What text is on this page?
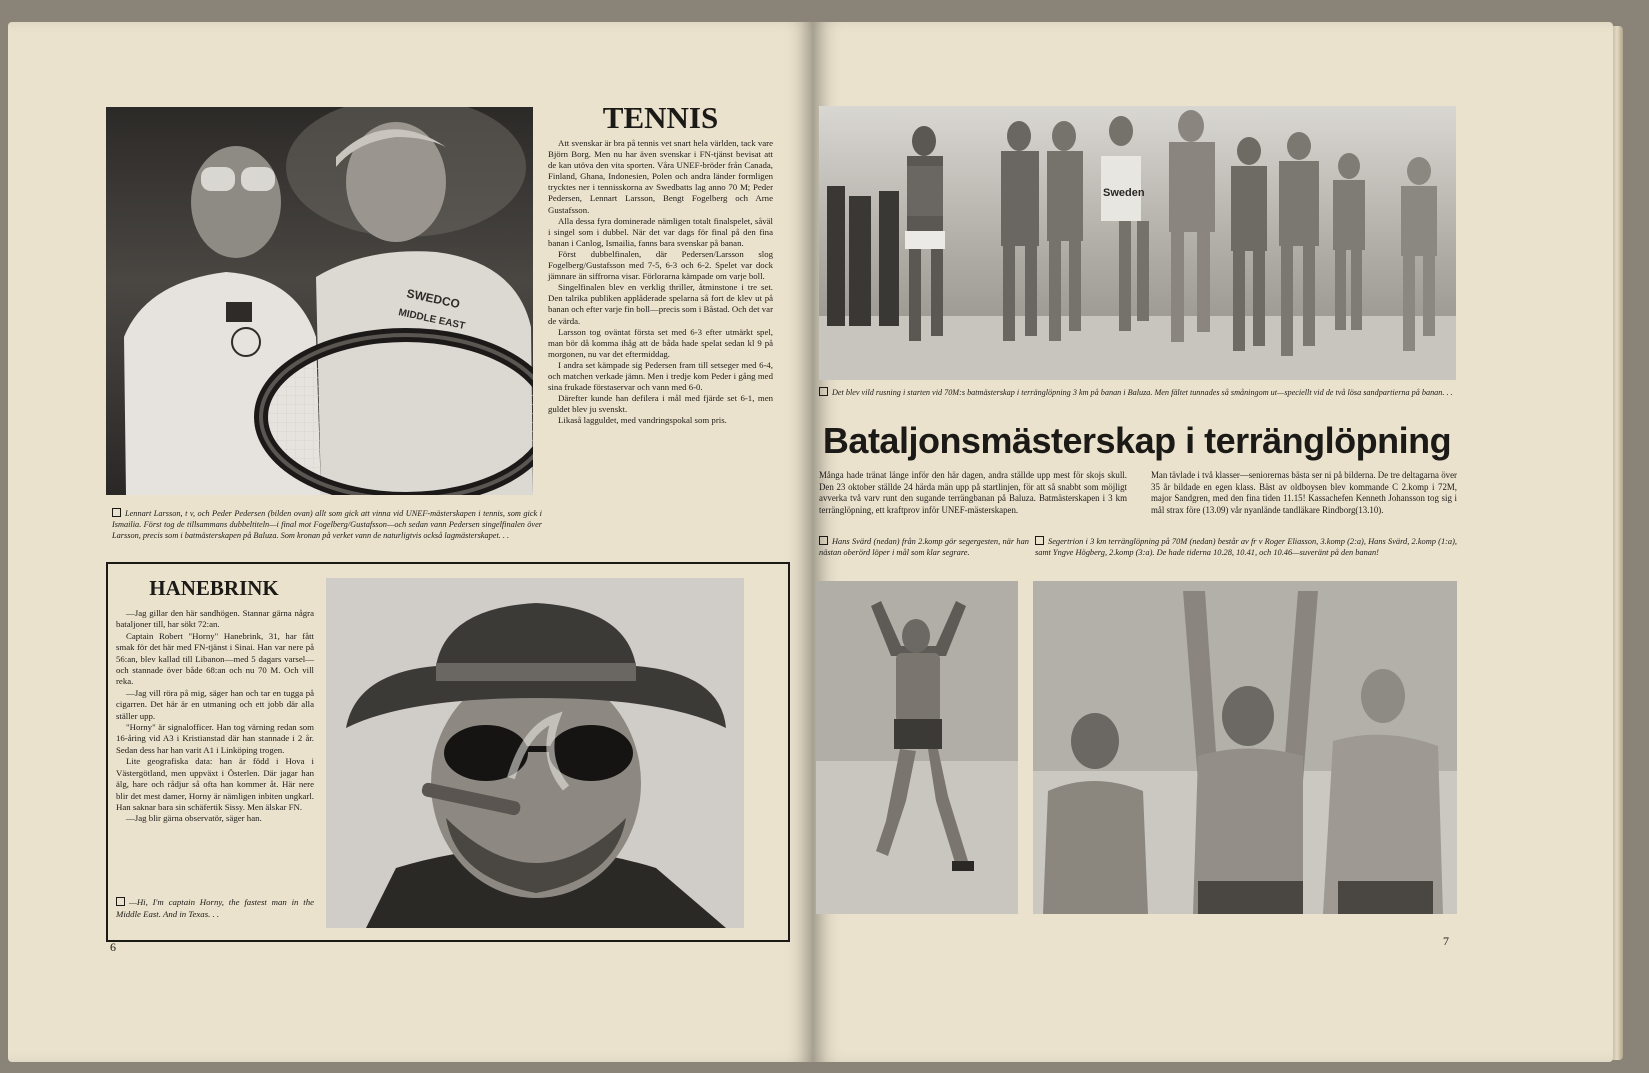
SWEDCO
MIDDLE EAST
Lennart Larsson, t v, och Peder Pedersen (bilden ovan) allt som gick att vinna vid UNEF-mästerskapen i tennis, som gick i Ismailia. Först tog de tillsammans dubbeltiteln—i final mot Fogelberg/Gustafsson—och sedan vann Pedersen singelfinalen över Larsson, precis som i batmästerskapen på Baluza. Som kronan på verket vann de naturligtvis också lagmästerskapet. . .
TENNIS

Att svenskar är bra på tennis vet snart hela världen, tack vare Björn Borg. Men nu har även svenskar i FN-tjänst bevisat att de kan utöva den vita sporten. Våra UNEF-bröder från Canada, Finland, Ghana, Indonesien, Polen och andra länder formligen trycktes ner i tennisskorna av Swedbatts lag anno 70 M; Peder Pedersen, Lennart Larsson, Bengt Fogelberg och Arne Gustafsson.

Alla dessa fyra dominerade nämligen totalt finalspelet, såväl i singel som i dubbel. När det var dags för final på den fina banan i Canlog, Ismailia, fanns bara svenskar på banan.

Först dubbelfinalen, där Pedersen/Larsson slog Fogelberg/Gustafsson med 7-5, 6-3 och 6-2. Spelet var dock jämnare än siffrorna visar. Förlorarna kämpade om varje boll.

Singelfinalen blev en verklig thriller, åtminstone i tre set. Den talrika publiken applåderade spelarna så fort de klev ut på banan och efter varje fin boll—precis som i Båstad. Och det var de värda.

Larsson tog oväntat första set med 6-3 efter utmärkt spel, man bör då komma ihåg att de båda hade spelat sedan kl 9 på morgonen, nu var det eftermiddag.

I andra set kämpade sig Pedersen fram till setseger med 6-4, och matchen verkade jämn. Men i tredje kom Peder i gång med sina frukade förstaservar och vann med 6-0.

Därefter kunde han defilera i mål med fjärde set 6-1, men guldet blev ju svenskt.

Likaså lagguldet, med vandringspokal som pris.

HANEBRINK

—Jag gillar den här sandhögen. Stannar gärna några bataljoner till, har sökt 72:an.

Captain Robert "Horny" Hanebrink, 31, har fått smak för det här med FN-tjänst i Sinai. Han var nere på 56:an, blev kallad till Libanon—med 5 dagars varsel—och stannade över både 68:an och nu 70 M. Och vill reka.

—Jag vill röra på mig, säger han och tar en tugga på cigarren. Det här är en utmaning och ett jobb där alla ställer upp.

"Horny" är signalofficer. Han tog värning redan som 16-åring vid A3 i Kristianstad där han stannade i 2 år. Sedan dess har han varit A1 i Linköping trogen.

Lite geografiska data: han är född i Hova i Västergötland, men uppväxt i Österlen. Där jagar han älg, hare och rådjur så ofta han kommer åt. Här nere blir det mest damer, Horny är nämligen inbiten ungkarl. Han saknar bara sin schäfertik Sissy. Men älskar FN.

—Jag blir gärna observatör, säger han.

—Hi, I'm captain Horny, the fastest man in the Middle East. And in Texas. . .
6
Sweden
Det blev vild rusning i starten vid 70M:s batmästerskap i terränglöpning 3 km på banan i Baluza. Men fältet tunnades så småningom ut—speciellt vid de två lösa sandpartierna på banan. . .
Bataljonsmästerskap i terränglöpning
Många hade tränat länge inför den här dagen, andra ställde upp mest för skojs skull. Den 23 oktober ställde 24 härda män upp på startlinjen, för att så snabbt som möjligt avverka två varv runt den sugande terrängbanan på Baluza. Batmästerskapen i 3 km terränglöpning, ett kraftprov inför UNEF-mästerskapen.
Man tävlade i två klasser—seniorernas bästa ser ni på bilderna. De tre deltagarna över 35 år bildade en egen klass. Bäst av oldboysen blev kommande C 2.komp i 72M, major Sandgren, med den fina tiden 11.15! Kassachefen Kenneth Johansson tog sig i mål strax före (13.09) vår nyanlände tandläkare Rindborg(13.10).
Hans Svärd (nedan) från 2.komp gör segergesten, när han nästan oberörd löper i mål som klar segrare.
Segertrion i 3 km terränglöpning på 70M (nedan) består av fr v Roger Eliasson, 3.komp (2:a), Hans Svärd, 2.komp (1:a), samt Yngve Högberg, 2.komp (3:a). De hade tiderna 10.28, 10.41, och 10.46—suveränt på den banan!
7
